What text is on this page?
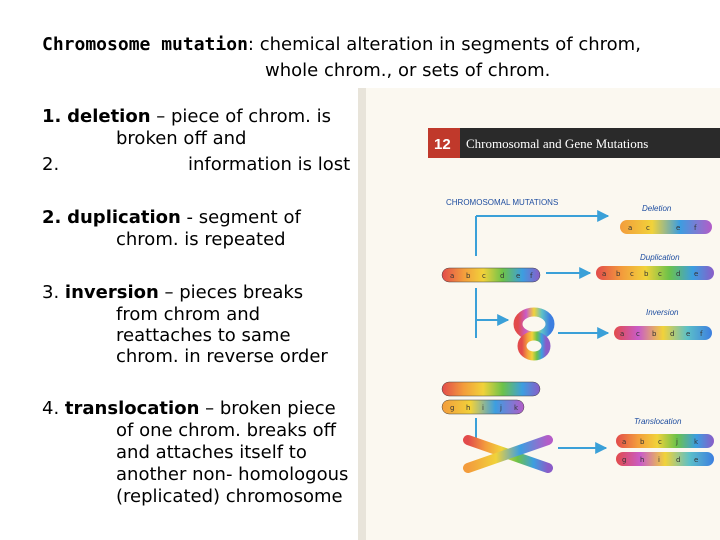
Chromosome mutation: chemical alteration in segments of chrom,
whole chrom., or sets of chrom.
1. deletion – piece of chrom. is
broken off and
2.	information is lost
2. duplication - segment of
chrom. is repeated
3. inversion – pieces breaks
from chrom and
reattaches to same
chrom. in reverse order
4. translocation – broken piece
of one chrom. breaks off
and attaches itself to
another non- homologous
(replicated) chromosome
12 Chromosomal and Gene Mutations
CHROMOSOMAL MUTATIONS
Deletion
a c	e f
a b c d e f
Duplication
a b c b c d e
Inversion
a c b d e f
g h i j k
Translocation
a b c j k
g h i d e
